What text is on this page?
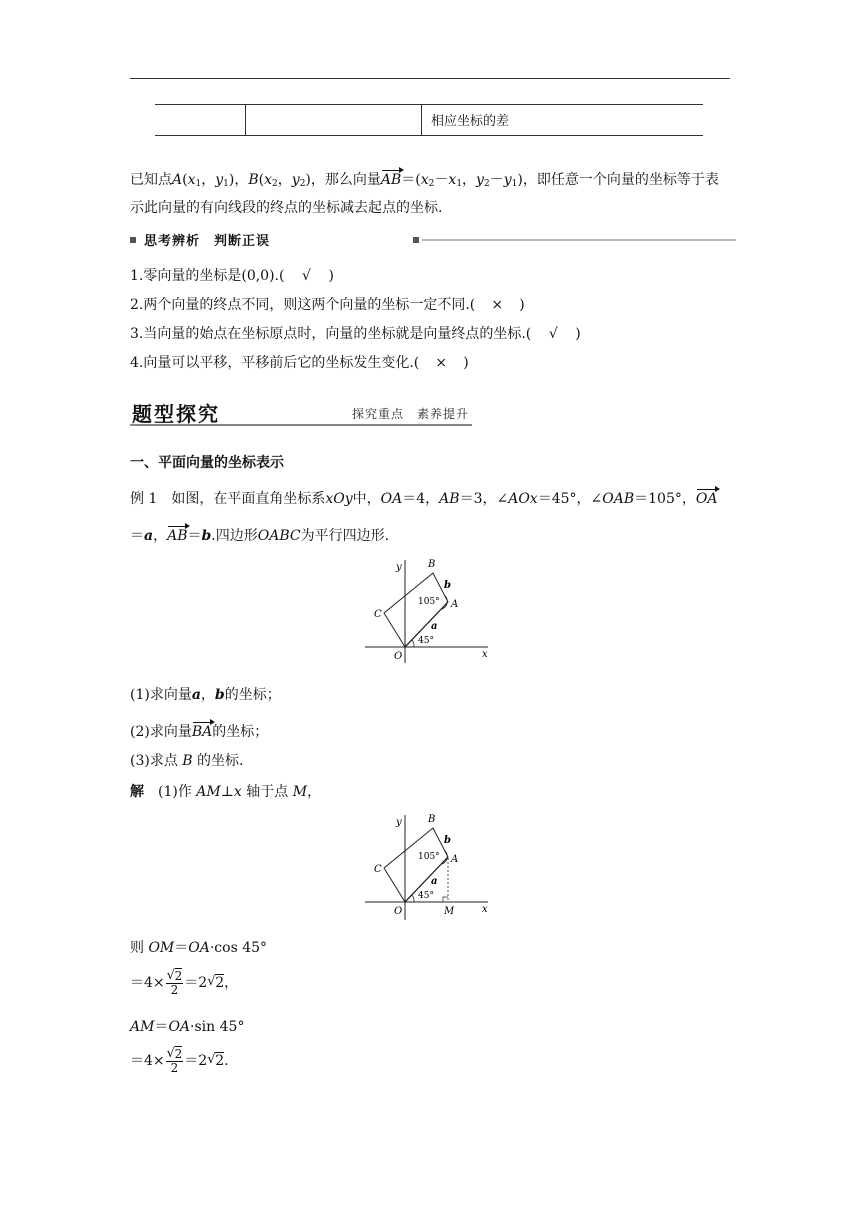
相应坐标的差
已知点$A(x_1$，$y_1$)，$B(x_2$，$y_2$)，那么向量$AB=(x_2-x_1$，$y_2-y_1$)，即任意一个向量的坐标等于表
示此向量的有向线段的终点的坐标减去起点的坐标.
思考辨析　判断正误
1.零向量的坐标是(0,0).( √ )
2.两个向量的终点不同，则这两个向量的坐标一定不同.( × )
3.当向量的始点在坐标原点时，向量的坐标就是向量终点的坐标.( √ )
4.向量可以平移，平移前后它的坐标发生变化.( × )
题型探究	探究重点　素养提升
一、平面向量的坐标表示
例 1　 如图，在平面直角坐标系xOy中，OA＝4，AB＝3，∠AOx＝45°，∠OAB＝105°，OA
＝a，AB＝b.四边形OABC为平行四边形.
y
x
O
C
B
A
b
a
105°
45°
(1)求向量a，b的坐标；
(2)求向量BA的坐标；
(3)求点 B 的坐标.
解　 (1)作 AM⊥x 轴于点 M，
y
x
O
C
B
A
b
a
105°
45°
M
则 OM＝OA·cos 45°
＝4×
√ $\frac{2}{2} =2√$ 2，
AM＝OA·sin 45°
＝4×
√ $\frac{2}{2} =2√$ 2.
